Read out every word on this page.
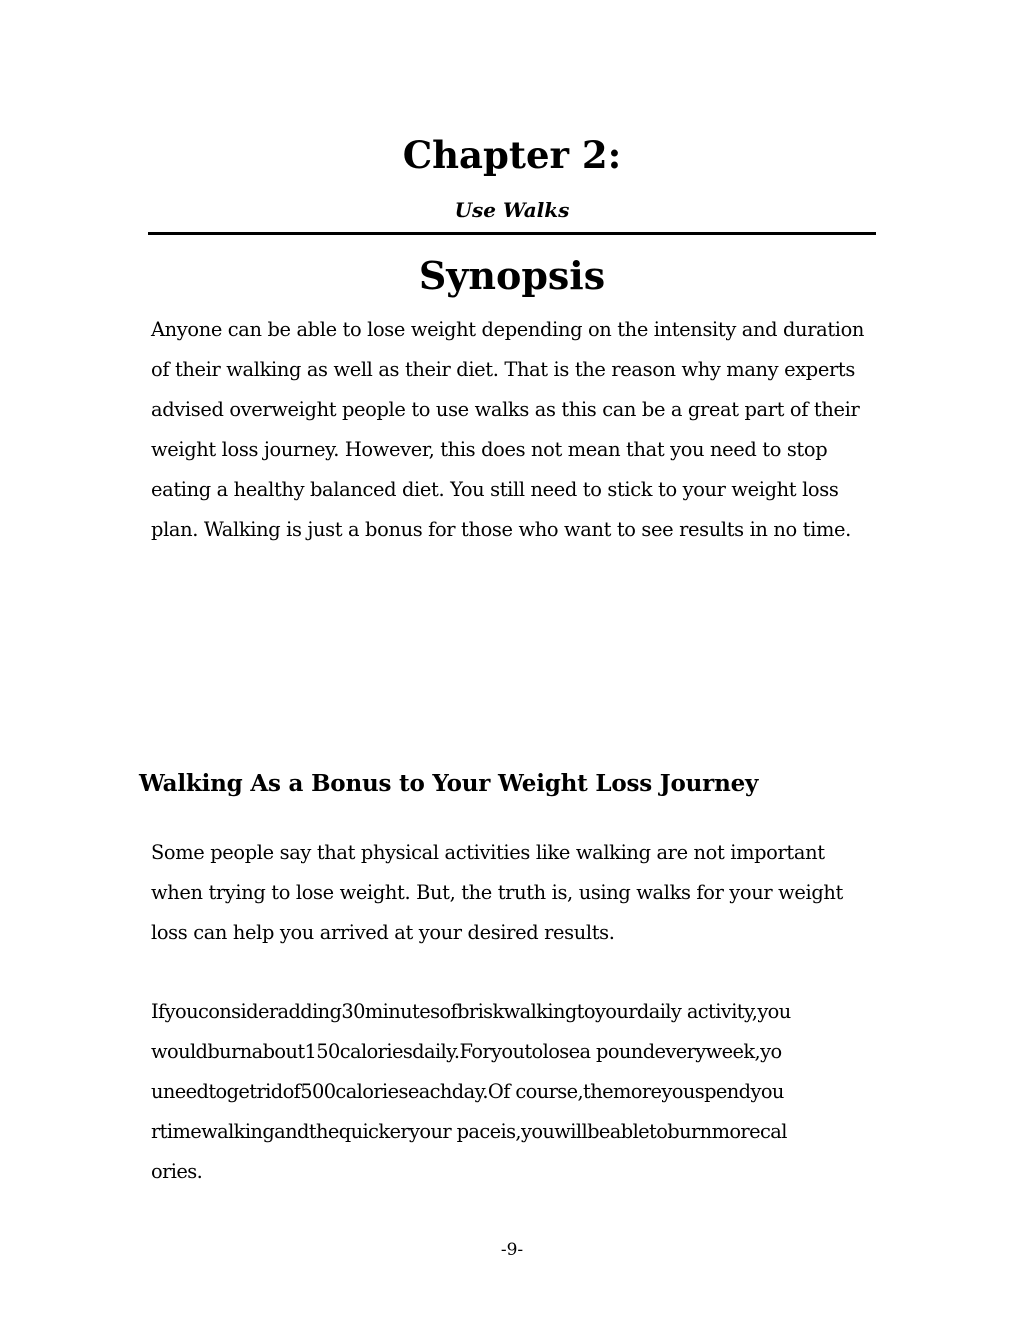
Chapter 2:
Use Walks
Synopsis

Anyone can be able to lose weight depending on the intensity and duration of their walking as well as their diet. That is the reason why many experts advised overweight people to use walks as this can be a great part of their weight loss journey. However, this does not mean that you need to stop eating a healthy balanced diet. You still need to stick to your weight loss plan. Walking is just a bonus for those who want to see results in no time.

Walking As a Bonus to Your Weight Loss Journey

Some people say that physical activities like walking are not important when trying to lose weight. But, the truth is, using walks for your weight loss can help you arrived at your desired results.

Ifyouconsideradding30minutesofbriskwalkingtoyourdaily activity,youwouldburnabout150caloriesdaily.Foryoutolosea poundeveryweek,youneedtogetridof500calorieseachday.Of course,themoreyouspendyourtimewalkingandthequickeryour paceis,youwillbeabletoburnmorecalories.

-9-
